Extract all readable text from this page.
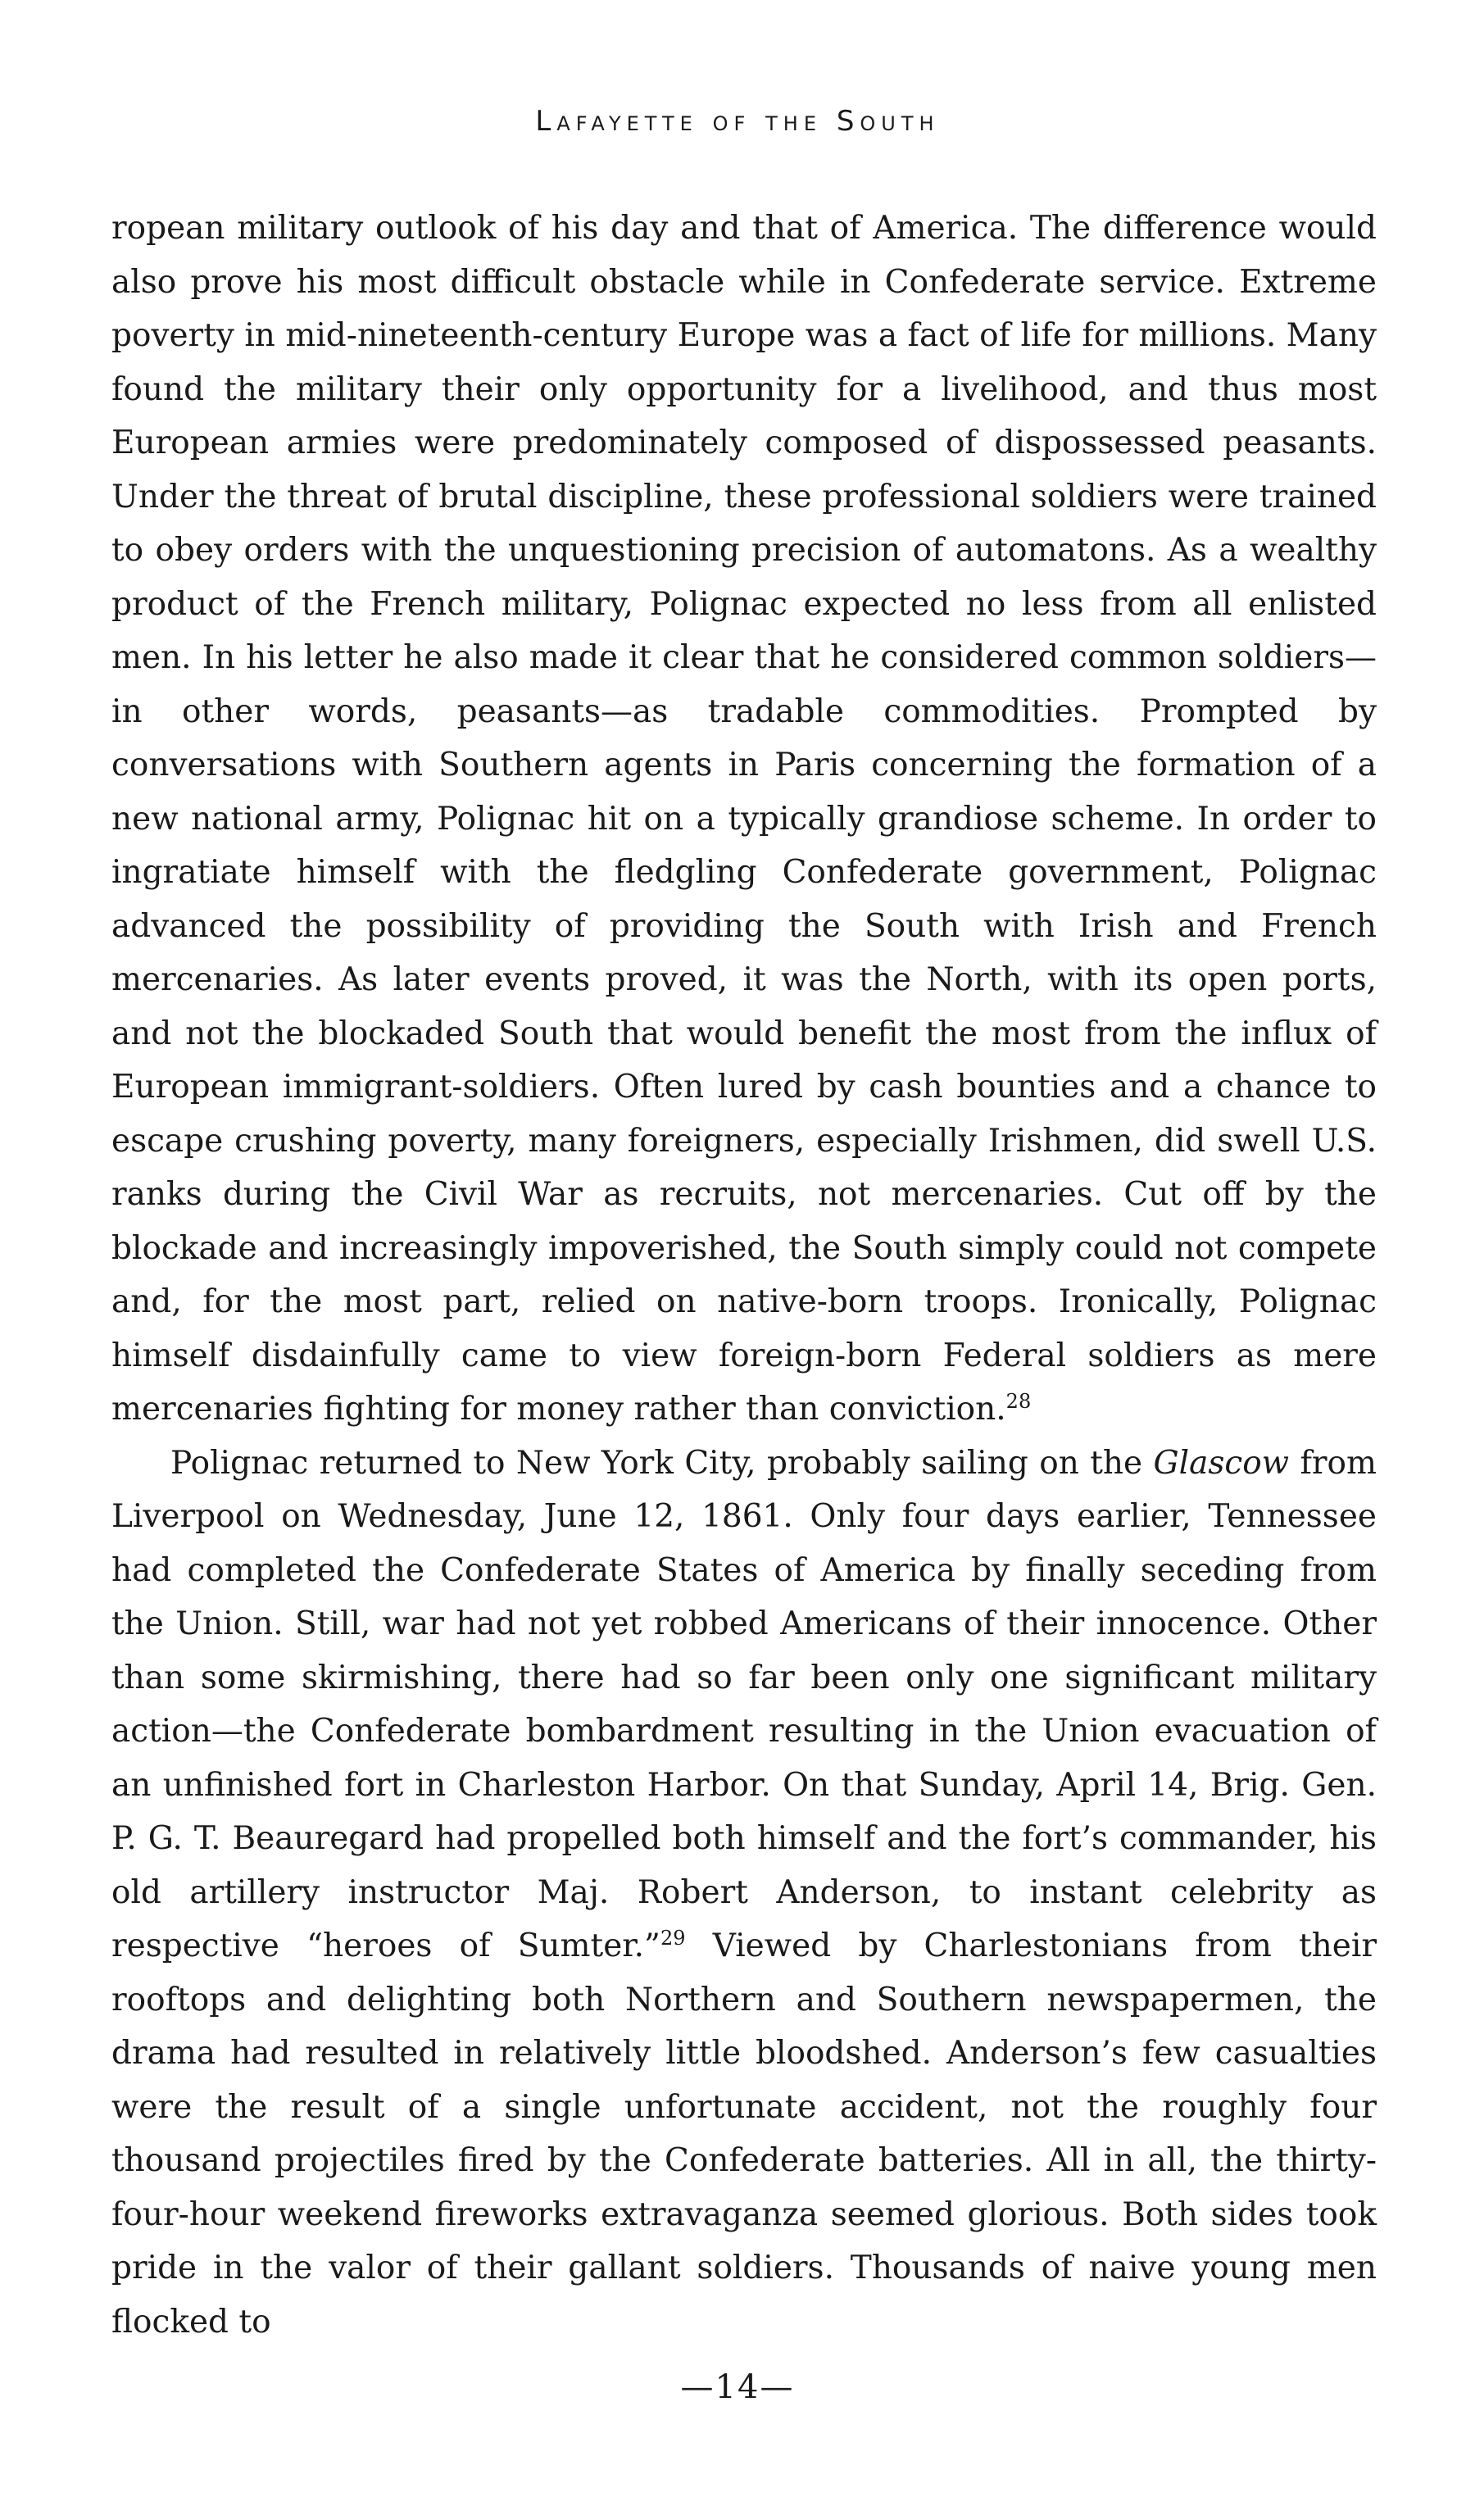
Lafayette of the South

ropean military outlook of his day and that of America. The difference would also prove his most difficult obstacle while in Confederate service. Extreme poverty in mid-nineteenth-century Europe was a fact of life for millions. Many found the military their only opportunity for a livelihood, and thus most European armies were predominately composed of dispossessed peasants. Under the threat of brutal discipline, these professional soldiers were trained to obey orders with the unquestioning precision of automatons. As a wealthy product of the French military, Polignac expected no less from all enlisted men. In his letter he also made it clear that he considered common soldiers—in other words, peasants—as tradable commodities. Prompted by conversations with Southern agents in Paris concerning the formation of a new national army, Polignac hit on a typically grandiose scheme. In order to ingratiate himself with the fledgling Confederate government, Polignac advanced the possibility of providing the South with Irish and French mercenaries. As later events proved, it was the North, with its open ports, and not the blockaded South that would benefit the most from the influx of European immigrant-soldiers. Often lured by cash bounties and a chance to escape crushing poverty, many foreigners, especially Irishmen, did swell U.S. ranks during the Civil War as recruits, not mercenaries. Cut off by the blockade and increasingly impoverished, the South simply could not compete and, for the most part, relied on native-born troops. Ironically, Polignac himself disdainfully came to view foreign-born Federal soldiers as mere mercenaries fighting for money rather than conviction.$^{28}$

Polignac returned to New York City, probably sailing on the Glascow from Liverpool on Wednesday, June 12, 1861. Only four days earlier, Tennessee had completed the Confederate States of America by finally seceding from the Union. Still, war had not yet robbed Americans of their innocence. Other than some skirmishing, there had so far been only one significant military action—the Confederate bombardment resulting in the Union evacuation of an unfinished fort in Charleston Harbor. On that Sunday, April 14, Brig. Gen. P. G. T. Beauregard had propelled both himself and the fort’s commander, his old artillery instructor Maj. Robert Anderson, to instant celebrity as respective “heroes of Sumter.”$^{29}$ Viewed by Charlestonians from their rooftops and delighting both Northern and Southern newspapermen, the drama had resulted in relatively little bloodshed. Anderson’s few casualties were the result of a single unfortunate accident, not the roughly four thousand projectiles fired by the Confederate batteries. All in all, the thirty-four-hour weekend fireworks extravaganza seemed glorious. Both sides took pride in the valor of their gallant soldiers. Thousands of naive young men flocked to

—14—
